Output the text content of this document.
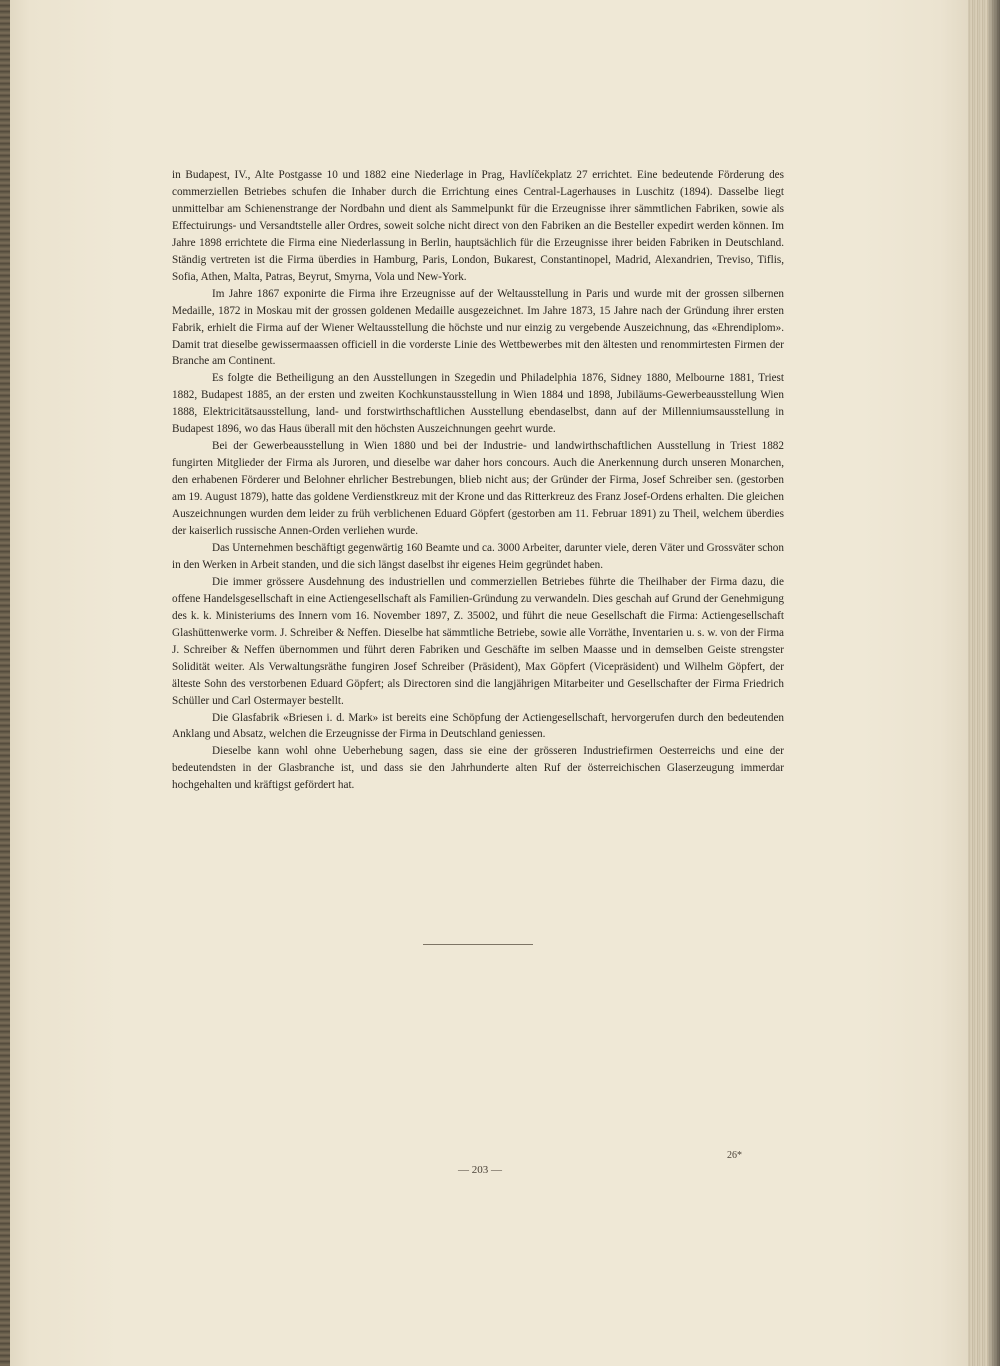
in Budapest, IV., Alte Postgasse 10 und 1882 eine Niederlage in Prag, Havlíčekplatz 27 errichtet. Eine bedeutende Förderung des commerziellen Betriebes schufen die Inhaber durch die Errichtung eines Central-Lagerhauses in Luschitz (1894). Dasselbe liegt unmittelbar am Schienenstrange der Nordbahn und dient als Sammelpunkt für die Erzeugnisse ihrer sämmtlichen Fabriken, sowie als Effectuirungs- und Versandtstelle aller Ordres, soweit solche nicht direct von den Fabriken an die Besteller expedirt werden können. Im Jahre 1898 errichtete die Firma eine Niederlassung in Berlin, hauptsächlich für die Erzeugnisse ihrer beiden Fabriken in Deutschland. Ständig vertreten ist die Firma überdies in Hamburg, Paris, London, Bukarest, Constantinopel, Madrid, Alexandrien, Treviso, Tiflis, Sofia, Athen, Malta, Patras, Beyrut, Smyrna, Vola und New-York.

Im Jahre 1867 exponirte die Firma ihre Erzeugnisse auf der Weltausstellung in Paris und wurde mit der grossen silbernen Medaille, 1872 in Moskau mit der grossen goldenen Medaille ausgezeichnet. Im Jahre 1873, 15 Jahre nach der Gründung ihrer ersten Fabrik, erhielt die Firma auf der Wiener Weltausstellung die höchste und nur einzig zu vergebende Auszeichnung, das «Ehrendiplom». Damit trat dieselbe gewissermaassen officiell in die vorderste Linie des Wettbewerbes mit den ältesten und renommirtesten Firmen der Branche am Continent.

Es folgte die Betheiligung an den Ausstellungen in Szegedin und Philadelphia 1876, Sidney 1880, Melbourne 1881, Triest 1882, Budapest 1885, an der ersten und zweiten Kochkunstausstellung in Wien 1884 und 1898, Jubiläums-Gewerbeausstellung Wien 1888, Elektricitätsausstellung, land- und forstwirthschaftlichen Ausstellung ebendaselbst, dann auf der Millenniumsausstellung in Budapest 1896, wo das Haus überall mit den höchsten Auszeichnungen geehrt wurde.

Bei der Gewerbeausstellung in Wien 1880 und bei der Industrie- und landwirthschaftlichen Ausstellung in Triest 1882 fungirten Mitglieder der Firma als Juroren, und dieselbe war daher hors concours. Auch die Anerkennung durch unseren Monarchen, den erhabenen Förderer und Belohner ehrlicher Bestrebungen, blieb nicht aus; der Gründer der Firma, Josef Schreiber sen. (gestorben am 19. August 1879), hatte das goldene Verdienstkreuz mit der Krone und das Ritterkreuz des Franz Josef-Ordens erhalten. Die gleichen Auszeichnungen wurden dem leider zu früh verblichenen Eduard Göpfert (gestorben am 11. Februar 1891) zu Theil, welchem überdies der kaiserlich russische Annen-Orden verliehen wurde.

Das Unternehmen beschäftigt gegenwärtig 160 Beamte und ca. 3000 Arbeiter, darunter viele, deren Väter und Grossväter schon in den Werken in Arbeit standen, und die sich längst daselbst ihr eigenes Heim gegründet haben.

Die immer grössere Ausdehnung des industriellen und commerziellen Betriebes führte die Theilhaber der Firma dazu, die offene Handelsgesellschaft in eine Actiengesellschaft als Familien-Gründung zu verwandeln. Dies geschah auf Grund der Genehmigung des k. k. Ministeriums des Innern vom 16. November 1897, Z. 35002, und führt die neue Gesellschaft die Firma: Actiengesellschaft Glashüttenwerke vorm. J. Schreiber & Neffen. Dieselbe hat sämmtliche Betriebe, sowie alle Vorräthe, Inventarien u. s. w. von der Firma J. Schreiber & Neffen übernommen und führt deren Fabriken und Geschäfte im selben Maasse und in demselben Geiste strengster Solidität weiter. Als Verwaltungsräthe fungiren Josef Schreiber (Präsident), Max Göpfert (Vicepräsident) und Wilhelm Göpfert, der älteste Sohn des verstorbenen Eduard Göpfert; als Directoren sind die langjährigen Mitarbeiter und Gesellschafter der Firma Friedrich Schüller und Carl Ostermayer bestellt.

Die Glasfabrik «Briesen i. d. Mark» ist bereits eine Schöpfung der Actiengesellschaft, hervorgerufen durch den bedeutenden Anklang und Absatz, welchen die Erzeugnisse der Firma in Deutschland geniessen.

Dieselbe kann wohl ohne Ueberhebung sagen, dass sie eine der grösseren Industriefirmen Oesterreichs und eine der bedeutendsten in der Glasbranche ist, und dass sie den Jahrhunderte alten Ruf der österreichischen Glaserzeugung immerdar hochgehalten und kräftigst gefördert hat.

26*
— 203 —
